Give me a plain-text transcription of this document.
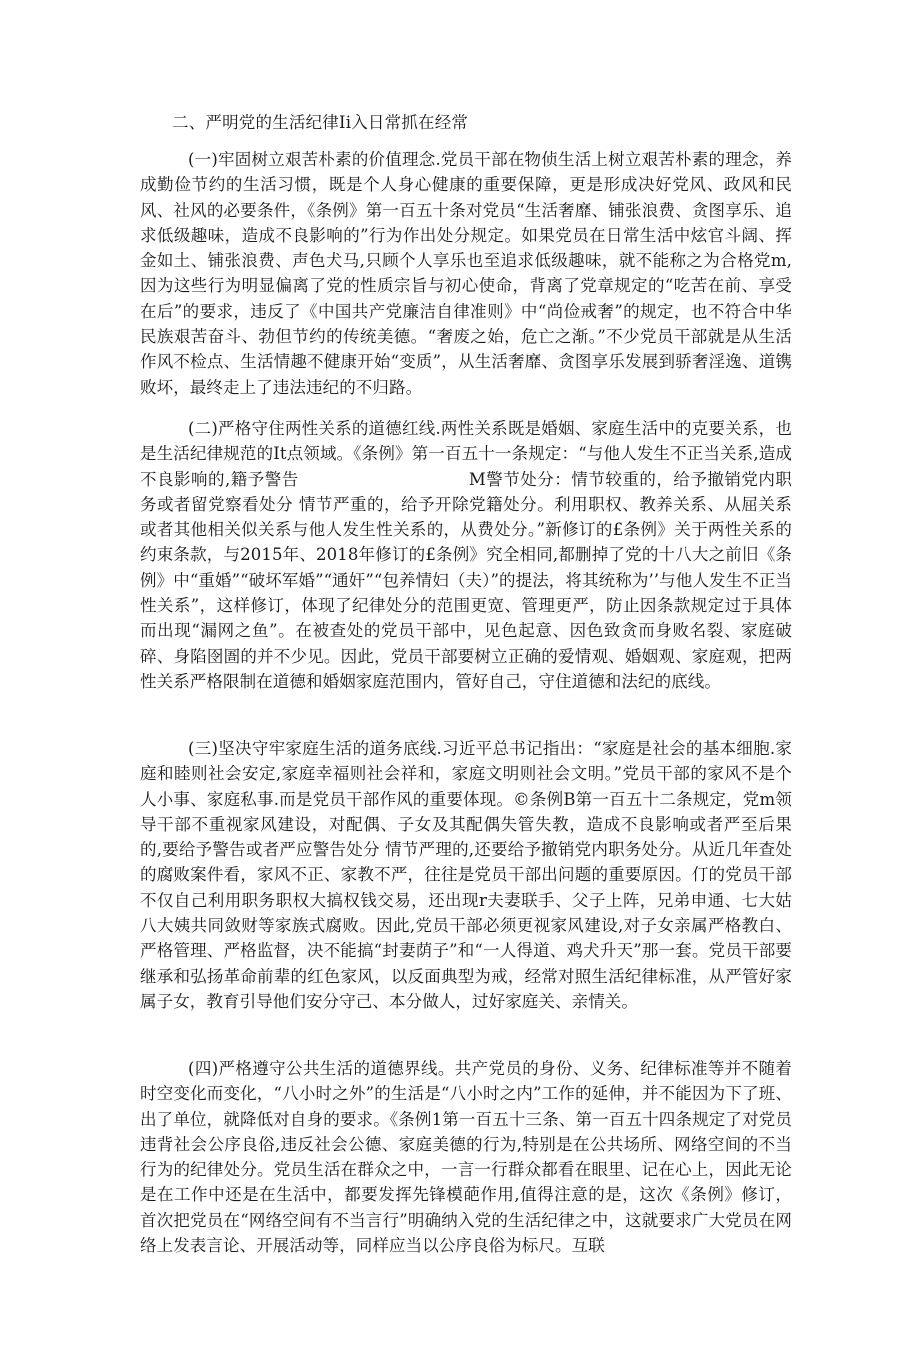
二、严明党的生活纪律Ii入日常抓在经常

(一)牢固树立艰苦朴素的价值理念.党员干部在物侦生活上树立艰苦朴素的理念，养成勤俭节约的生活习惯，既是个人身心健康的重要保障，更是形成决好党风、政风和民风、社风的必要条件，《条例》第一百五十条对党员“生活奢靡、铺张浪费、贪图享乐、追求低级趣味，造成不良影响的”行为作出处分规定。如果党员在日常生活中炫官斗阔、挥金如土、铺张浪费、声色犬马,只顾个人享乐也至追求低级趣味，就不能称之为合格党m,因为这些行为明显偏离了党的性质宗旨与初心使命，背离了党章规定的“吃苦在前、享受在后”的要求，违反了《中国共产党廉洁自律准则》中“尚俭戒奢”的规定，也不符合中华民族艰苦奋斗、勃但节约的传统美德。“奢废之始，危亡之渐。”不少党员干部就是从生活作风不检点、生活情趣不健康开始“变质”，从生活奢靡、贪图享乐发展到骄奢淫逸、道镌败坏，最终走上了违法违纪的不归路。

(二)严格守住两性关系的道德红线.两性关系既是婚姻、家庭生活中的克要关系，也是生活纪律规范的It点领域。《条例》第一百五十一条规定：“与他人发生不正当关系,造成不良影响的,籍予警告　　　　　　　　　　M警节处分：情节较重的，给予撤销党内职务或者留党察看处分 情节严重的，给予开除党籍处分。利用职权、教养关系、从屈关系或者其他相关似关系与他人发生性关系的，从费处分。”新修订的£条例》关于两性关系的约束条款，与2015年、2018年修订的£条例》究全相同,都删掉了党的十八大之前旧《条例》中“重婚”“破坏军婚”“通奸”“包养情妇（夫）”的提法，将其统称为’’与他人发生不正当性关系”，这样修订，体现了纪律处分的范围更宽、管理更严，防止因条款规定过于具体而出现“漏网之鱼”。在被查处的党员干部中，见色起意、因色致贪而身败名裂、家庭破碎、身陷囹圄的并不少见。因此，党员干部要树立正确的爱情观、婚姻观、家庭观，把两性关系严格限制在道德和婚姻家庭范围内，管好自己，守住道德和法纪的底线。

(三)坚决守牢家庭生活的道务底线.习近平总书记指出：“家庭是社会的基本细胞.家庭和睦则社会安定,家庭幸福则社会祥和，家庭文明则社会文明。”党员干部的家风不是个人小事、家庭私事.而是党员干部作风的重要体现。©条例B第一百五十二条规定，党m领导干部不重视家风建设，对配偶、子女及其配偶失管失教，造成不良影响或者严至后果的,要给予警告或者严应警告处分 情节严理的,还要给予撤销党内职务处分。从近几年查处的腐败案件看，家风不正、家教不严，往往是党员干部出问题的重要原因。仃的党员干部不仅自己利用职务职权大搞权钱交易，还出现r夫妻联手、父子上阵，兄弟申通、七大姑八大姨共同敛财等家族式腐败。因此,党员干部必须更视家风建设,对子女亲属严格教白、严格管理、严格监督，决不能搞“封妻荫子”和“一人得道、鸡犬升天”那一套。党员干部要继承和弘扬革命前辈的红色家风，以反面典型为戒，经常对照生活纪律标准，从严管好家属子女，教育引导他们安分守己、本分做人，过好家庭关、亲情关。

(四)严格遵守公共生活的道德界线。共产党员的身份、义务、纪律标准等并不随着时空变化而变化，“八小时之外”的生活是“八小时之内”工作的延伸，并不能因为下了班、出了单位，就降低对自身的要求。《条例1第一百五十三条、第一百五十四条规定了对党员违背社会公序良俗,违反社会公德、家庭美德的行为,特别是在公共场所、网络空间的不当行为的纪律处分。党员生活在群众之中，一言一行群众都看在眼里、记在心上，因此无论是在工作中还是在生活中，都要发挥先锋模葩作用,值得注意的是，这次《条例》修订，首次把党员在“网络空间有不当言行”明确纳入党的生活纪律之中，这就要求广大党员在网络上发表言论、开展活动等，同样应当以公序良俗为标尺。互联
